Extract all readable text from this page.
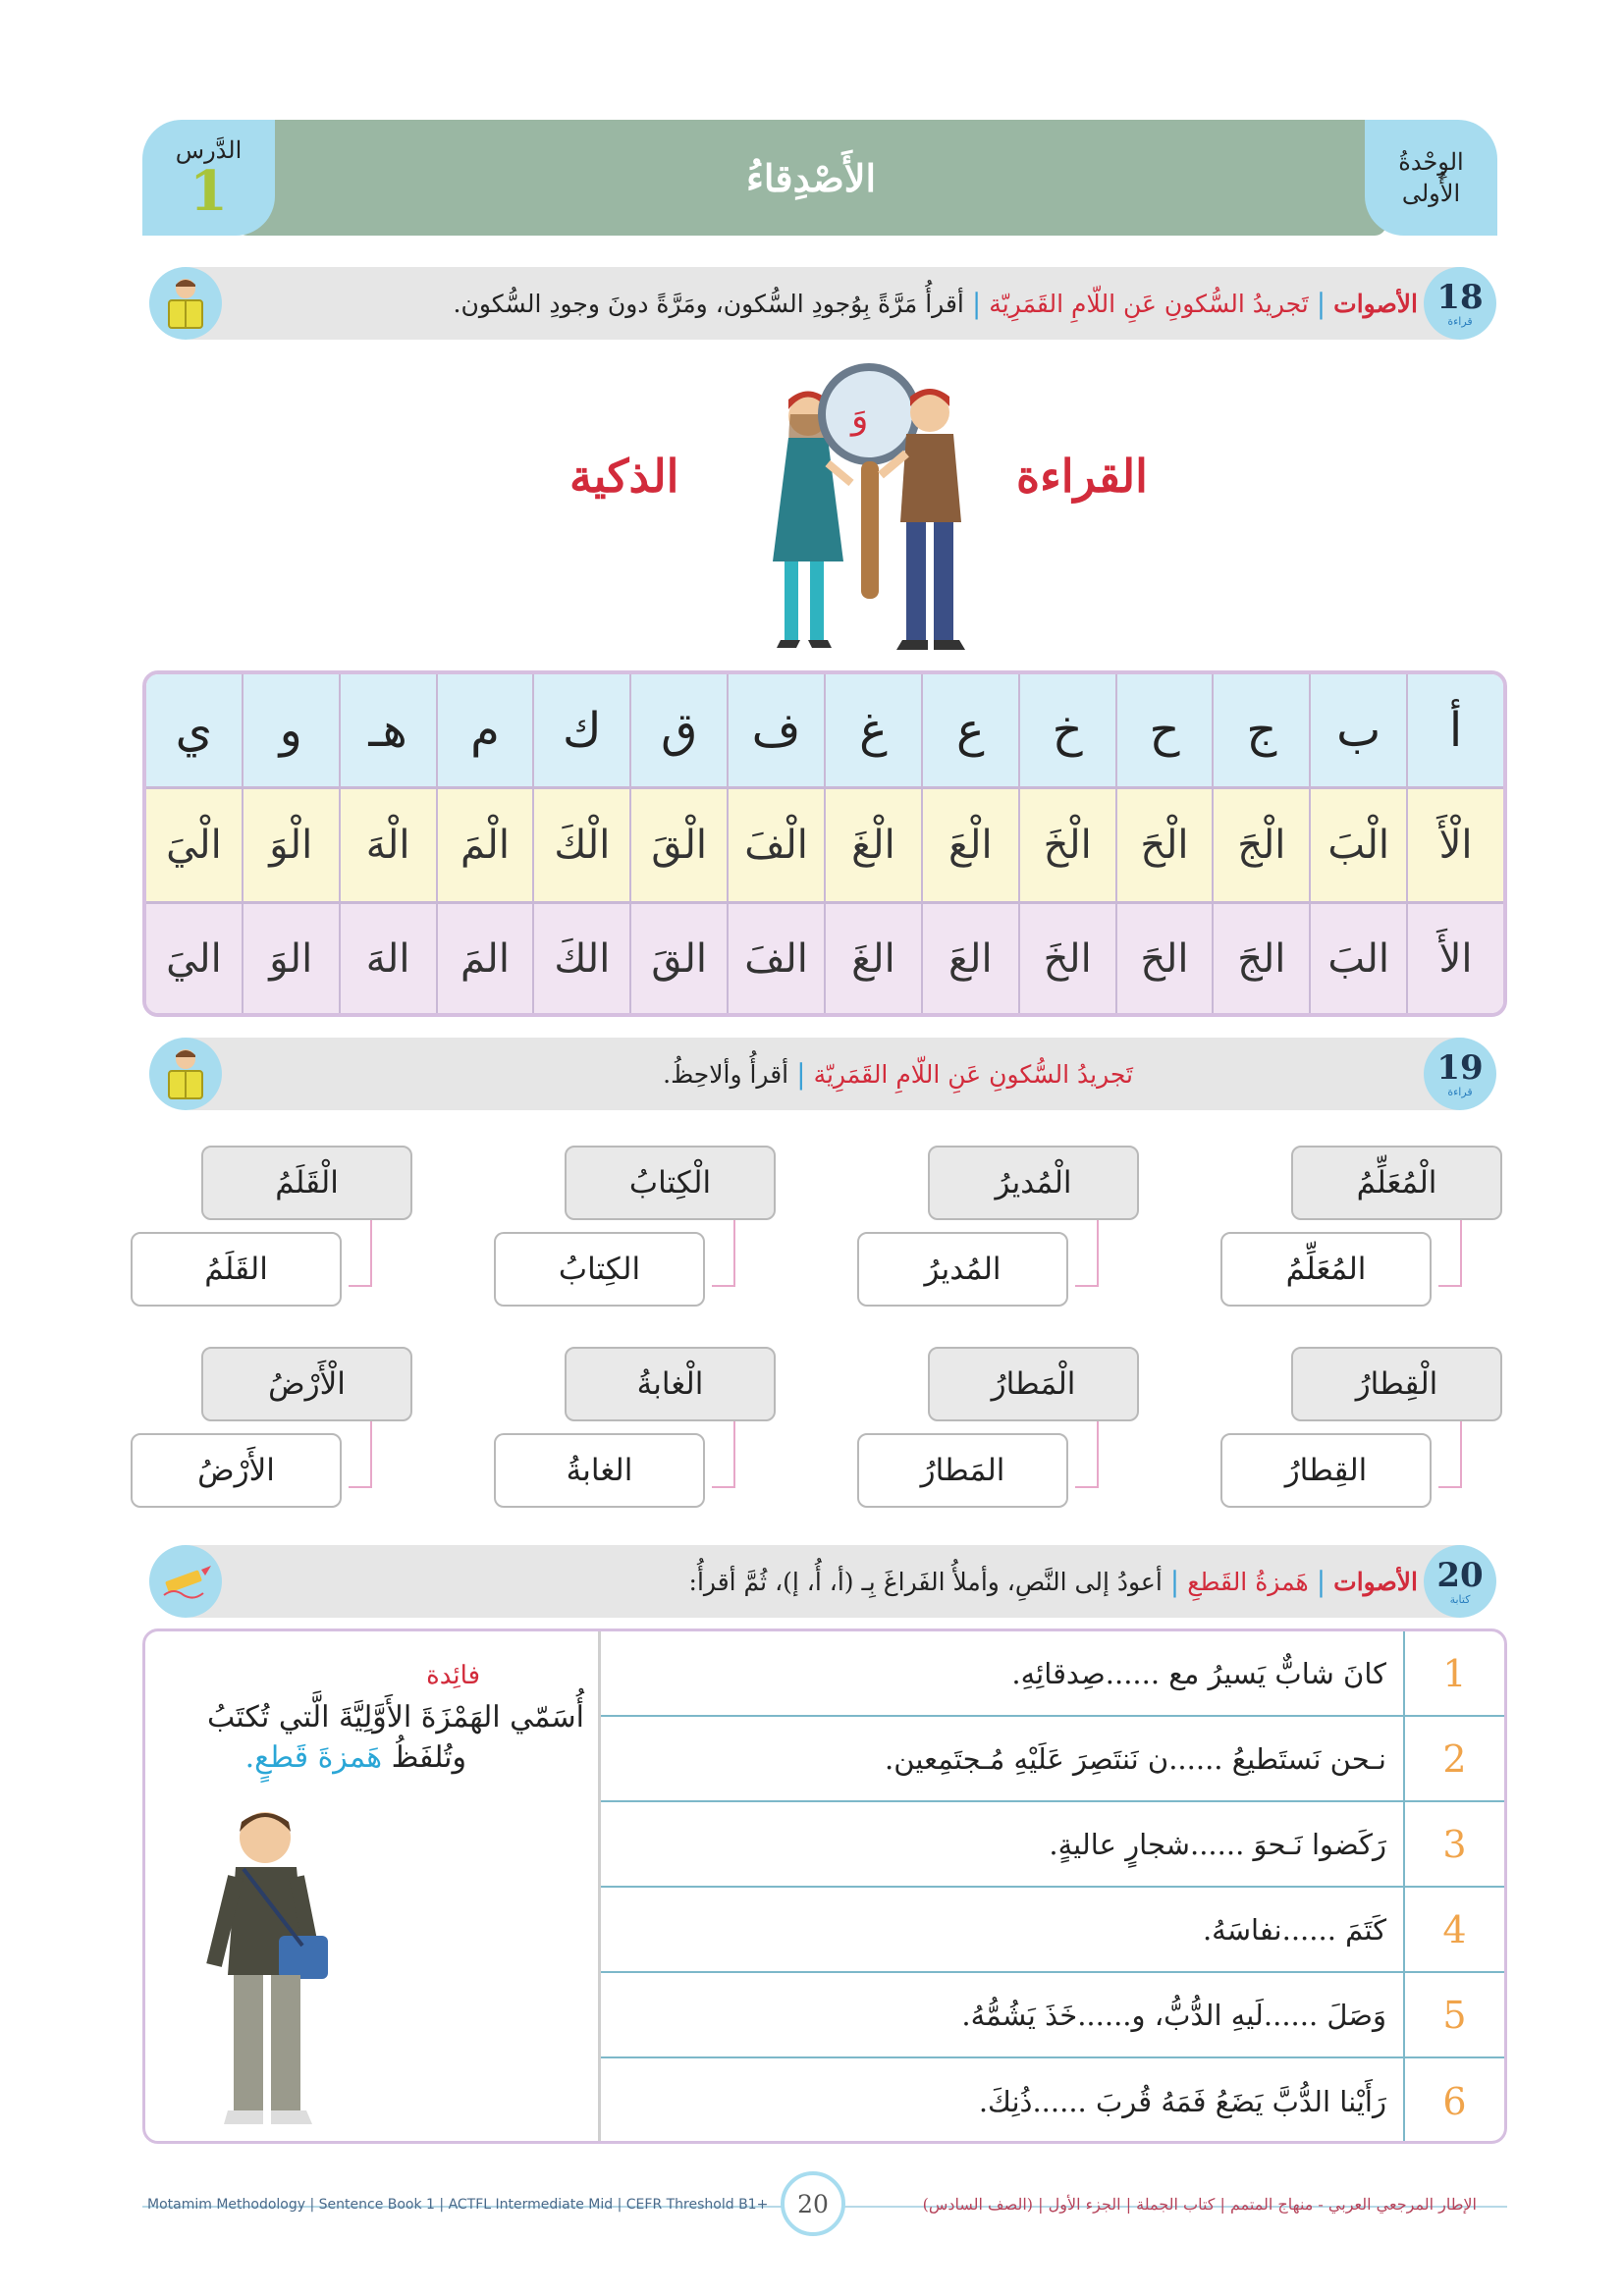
الأَصْدِقاءُ	الوِحْدةُ
الأُولى
الدَّرس
1
18
قراءة
الأصوات
|
تَجريدُ السُّكونِ عَنِ اللّامِ القَمَرِيّة
|
أقرأُ مَرَّةً بِوُجودِ السُّكون، ومَرَّةً دونَ وجودِ السُّكون.
القراءة
الذكية
وَ
أ
ب
ج
ح
خ
ع
غ
ف
ق
ك
م
هـ
و
ي
الْأَ
الْبَ
الْجَ
الْحَ
الْخَ
الْعَ
الْغَ
الْفَ
الْقَ
الْكَ
الْمَ
الْهَ
الْوَ
الْيَ
الأَ
البَ
الجَ
الحَ
الخَ
العَ
الغَ
الفَ
القَ
الكَ
المَ
الهَ
الوَ
اليَ
19
قراءة
تَجريدُ السُّكونِ عَنِ اللّامِ القَمَرِيّة
|
أقرأُ وألاحِظُ.
الْمُعَلِّمُ
المُعَلِّمُ
الْمُديرُ
المُديرُ
الْكِتابُ
الكِتابُ
الْقَلَمُ
القَلَمُ
الْقِطارُ
القِطارُ
الْمَطارُ
المَطارُ
الْغابةُ
الغابةُ
الْأَرْضُ
الأَرْضُ
20
كتابة
الأصوات
|
هَمزةُ القَطعِ
|
أعودُ إلى النَّصِ، وأملأُ الفَراغَ بِـ (أ، أُ، إ)، ثُمَّ أقرأُ:
فائِدة
أُسَمّي الهَمْزَةَ الأَوَّلِيَّةَ الَّتي تُكتَبُ
وتُلفَظُ هَمزةَ قَطعٍ.
1
كانَ شابٌّ يَسيرُ مع ......صِدقائِهِ.
2
نـحن نَستَطيعُ ......ن نَنتَصِرَ عَلَيْهِ مُـجتَمِعين.
3
رَكَضوا نَـحوَ ......شجارٍ عاليةٍ.
4
كَتَمَ ......نفاسَهُ.
5
وَصَلَ ......لَيهِ الدُّبُّ، و......خَذَ يَشُمُّهُ.
6
رَأَيْنا الدُّبَّ يَضَعُ فَمَهُ قُربَ ......ذُنِكَ.
Motamim Methodology | Sentence Book 1 | ACTFL Intermediate Mid | CEFR Threshold B1+	الإطار المرجعي العربي - منهاج المتمم | كتاب الجملة | الجزء الأول | (الصف السادس)
20
